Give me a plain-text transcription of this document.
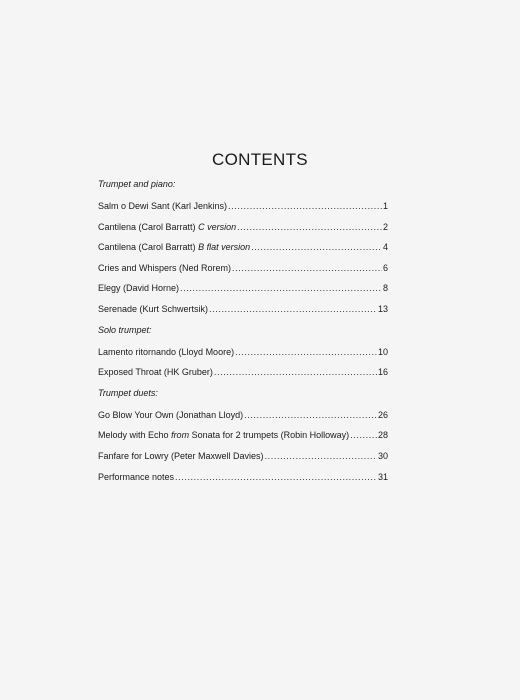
CONTENTS
Trumpet and piano:
Salm o Dewi Sant (Karl Jenkins) .....	1
Cantilena (Carol Barratt) C version .....	2
Cantilena (Carol Barratt) B flat version .....	4
Cries and Whispers (Ned Rorem) .....	6
Elegy (David Horne) .....	8
Serenade (Kurt Schwertsik) .....	13
Solo trumpet:
Lamento ritornando (Lloyd Moore) .....	10
Exposed Throat (HK Gruber) .....	16
Trumpet duets:
Go Blow Your Own (Jonathan Lloyd) .....	26
Melody with Echo from Sonata for 2 trumpets (Robin Holloway) .....	28
Fanfare for Lowry (Peter Maxwell Davies) .....	30
Performance notes .....	31
